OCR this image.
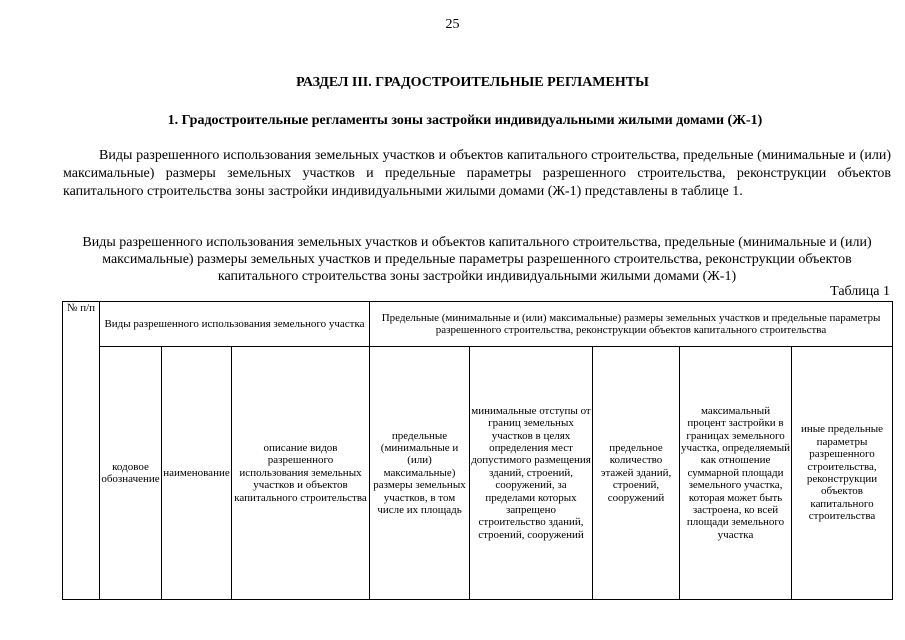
25
РАЗДЕЛ III. ГРАДОСТРОИТЕЛЬНЫЕ РЕГЛАМЕНТЫ
1. Градостроительные регламенты зоны застройки индивидуальными жилыми домами (Ж-1)

Виды разрешенного использования земельных участков и объектов капитального строительства, предельные (минимальные и (или) максимальные) размеры земельных участков и предельные параметры разрешенного строительства, реконструкции объектов капитального строительства зоны застройки индивидуальными жилыми домами (Ж-1) представлены в таблице 1.

Виды разрешенного использования земельных участков и объектов капитального строительства, предельные (минимальные и (или) максимальные) размеры земельных участков и предельные параметры разрешенного строительства, реконструкции объектов капитального строительства зоны застройки индивидуальными жилыми домами (Ж-1)

Таблица 1
№ п/п	Виды разрешенного использования земельного участка			Предельные (минимальные и (или) максимальные) размеры земельных участков и предельные параметры разрешенного строительства, реконструкции объектов капитального строительства				
	кодовое обозначение	наименование	описание видов разрешенного использования земельных участков и объектов капитального строительства	предельные (минимальные и (или) максимальные) размеры земельных участков, в том числе их площадь	минимальные отступы от границ земельных участков в целях определения мест допустимого размещения зданий, строений, сооружений, за пределами которых запрещено строительство зданий, строений, сооружений	предельное количество этажей зданий, строений, сооружений	максимальный процент застройки в границах земельного участка, определяемый как отношение суммарной площади земельного участка, которая может быть застроена, ко всей площади земельного участка	иные предельные параметры разрешенного строительства, реконструкции объектов капитального строительства
